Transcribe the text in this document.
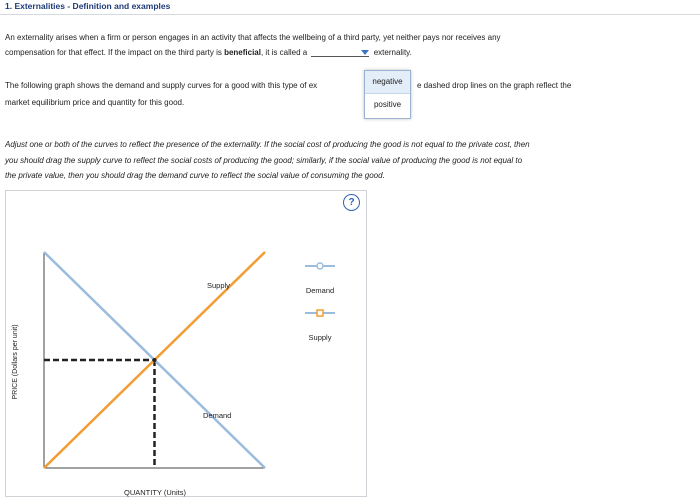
1. Externalities - Definition and examples
An externality arises when a firm or person engages in an activity that affects the wellbeing of a third party, yet neither pays nor receives any
compensation for that effect. If the impact on the third party is beneficial, it is called a	externality.
The following graph shows the demand and supply curves for a good with this type of ex	e dashed drop lines on the graph reflect the
market equilibrium price and quantity for this good.
negative
positive
Adjust one or both of the curves to reflect the presence of the externality. If the social cost of producing the good is not equal to the private cost, then
you should drag the supply curve to reflect the social costs of producing the good; similarly, if the social value of producing the good is not equal to
the private value, then you should drag the demand curve to reflect the social value of consuming the good.
?
Supply
Demand
QUANTITY (Units)
PRICE (Dollars per unit)
Demand
Supply
